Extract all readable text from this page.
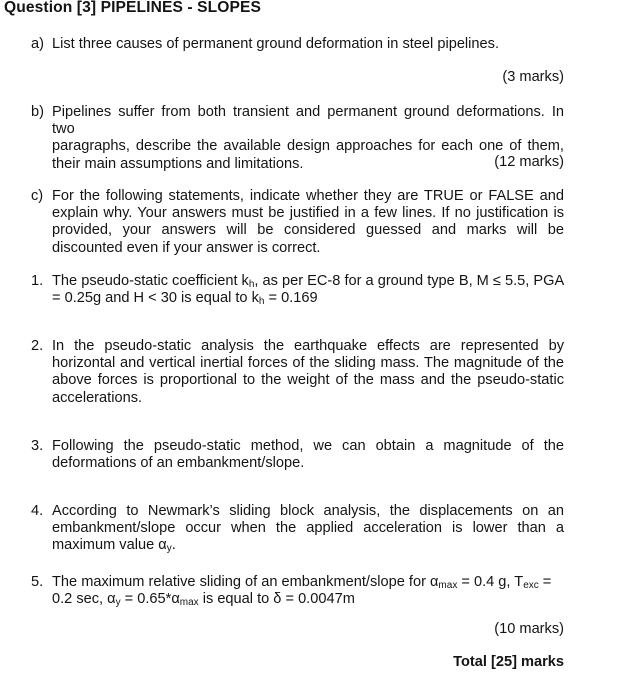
Question [3] PIPELINES - SLOPES
a) List three causes of permanent ground deformation in steel pipelines.
(3 marks)
b) Pipelines suffer from both transient and permanent ground deformations. In two
paragraphs, describe the available design approaches for each one of them,
their main assumptions and limitations.	(12 marks)
c) For the following statements, indicate whether they are TRUE or FALSE and
explain why. Your answers must be justified in a few lines. If no justification is
provided, your answers will be considered guessed and marks will be
discounted even if your answer is correct.
1. The pseudo-static coefficient $k_h$, as per EC-8 for a ground type B, M ≤ 5.5, PGA
= 0.25g and H < 30 is equal to $k_h = 0.169$
2. In the pseudo-static analysis the earthquake effects are represented by
horizontal and vertical inertial forces of the sliding mass. The magnitude of the
above forces is proportional to the weight of the mass and the pseudo-static
accelerations.
3. Following the pseudo-static method, we can obtain a magnitude of the
deformations of an embankment/slope.
4. According to Newmark’s sliding block analysis, the displacements on an
embankment/slope occur when the applied acceleration is lower than a
maximum value $\alpha_y$.
5. The maximum relative sliding of an embankment/slope for $\alpha_{max} = 0.4$ g, $T_{exc}$ =
0.2 sec, $\alpha_y = 0.65*\alpha_{max}$ is equal to δ = 0.0047m
(10 marks)
Total [25] marks
